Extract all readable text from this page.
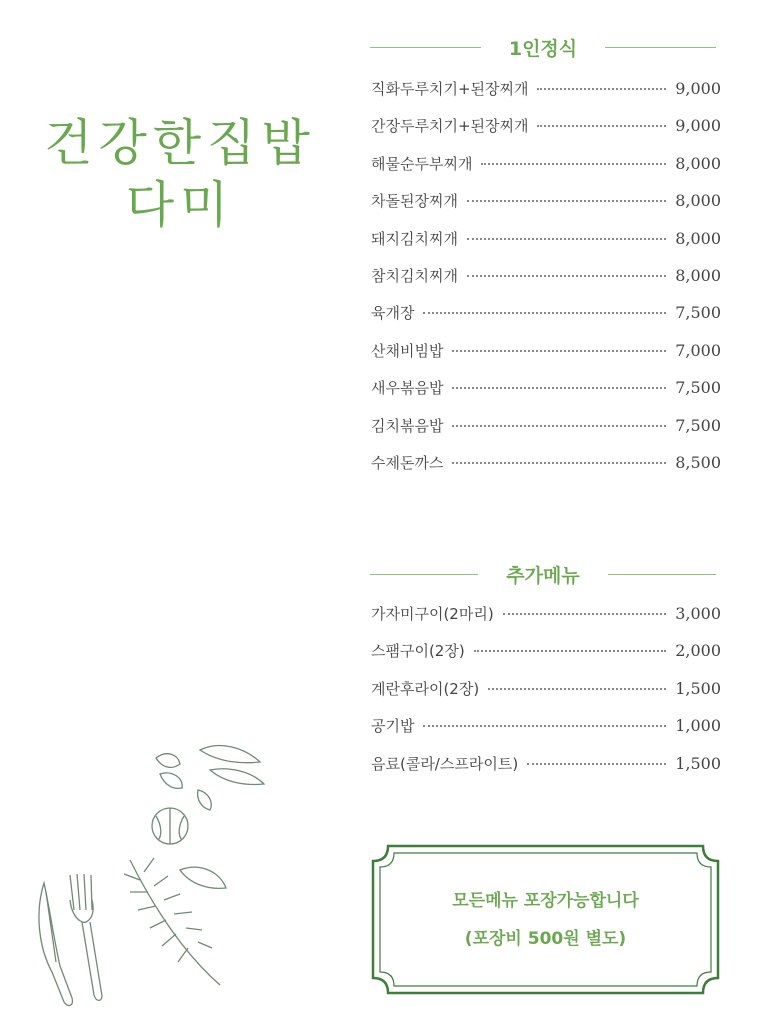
건강한집밥
다미
1인정식
직화두루치기+된장찌개	9,000
간장두루치기+된장찌개	9,000
해물순두부찌개	8,000
차돌된장찌개	8,000
돼지김치찌개	8,000
참치김치찌개	8,000
육개장	7,500
산채비빔밥	7,000
새우볶음밥	7,500
김치볶음밥	7,500
수제돈까스	8,500
추가메뉴
가자미구이(2마리)	3,000
스팸구이(2장)	2,000
계란후라이(2장)	1,500
공기밥	1,000
음료(콜라/스프라이트)	1,500
모든메뉴 포장가능합니다
(포장비 500원 별도)
